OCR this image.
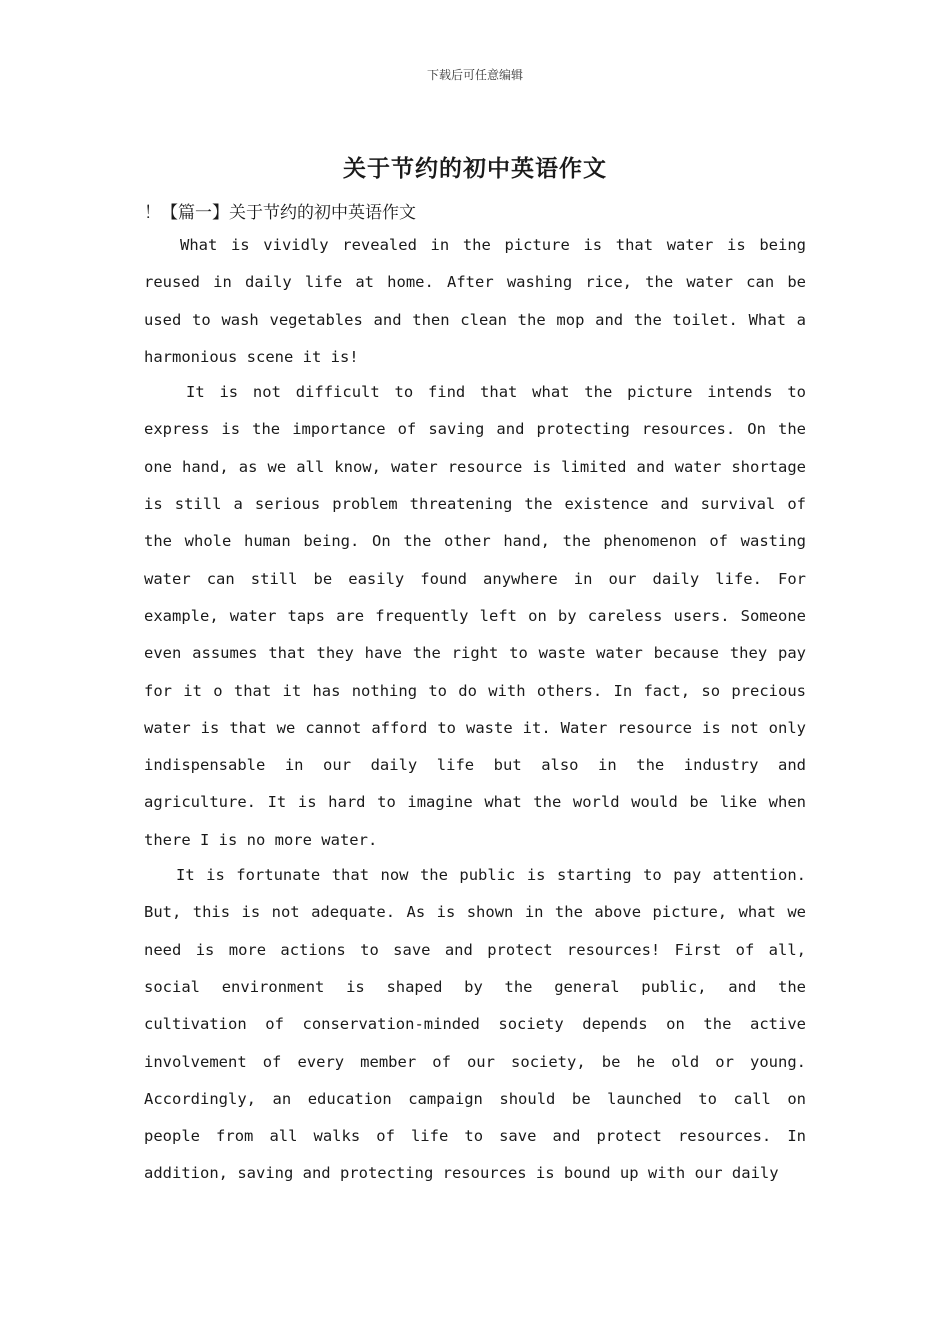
下载后可任意编辑
关于节约的初中英语作文
！【篇一】关于节约的初中英语作文

What is vividly revealed in the picture is that water is being reused in daily life at home. After washing rice, the water can be used to wash vegetables and then clean the mop and the toilet. What a harmonious scene it is!

It is not difficult to find that what the picture intends to express is the importance of saving and protecting resources. On the one hand, as we all know, water resource is limited and water shortage is still a serious problem threatening the existence and survival of the whole human being. On the other hand, the phenomenon of wasting water can still be easily found anywhere in our daily life. For example, water taps are frequently left on by careless users. Someone even assumes that they have the right to waste water because they pay for it o that it has nothing to do with others. In fact, so precious water is that we cannot afford to waste it. Water resource is not only indispensable in our daily life but also in the industry and agriculture. It is hard to imagine what the world would be like when there I is no more water.

It is fortunate that now the public is starting to pay attention. But, this is not adequate. As is shown in the above picture, what we need is more actions to save and protect resources! First of all, social environment is shaped by the general public, and the cultivation of conservation-minded society depends on the active involvement of every member of our society, be he old or young. Accordingly, an education campaign should be launched to call on people from all walks of life to save and protect resources. In addition, saving and protecting resources is bound up with our daily
